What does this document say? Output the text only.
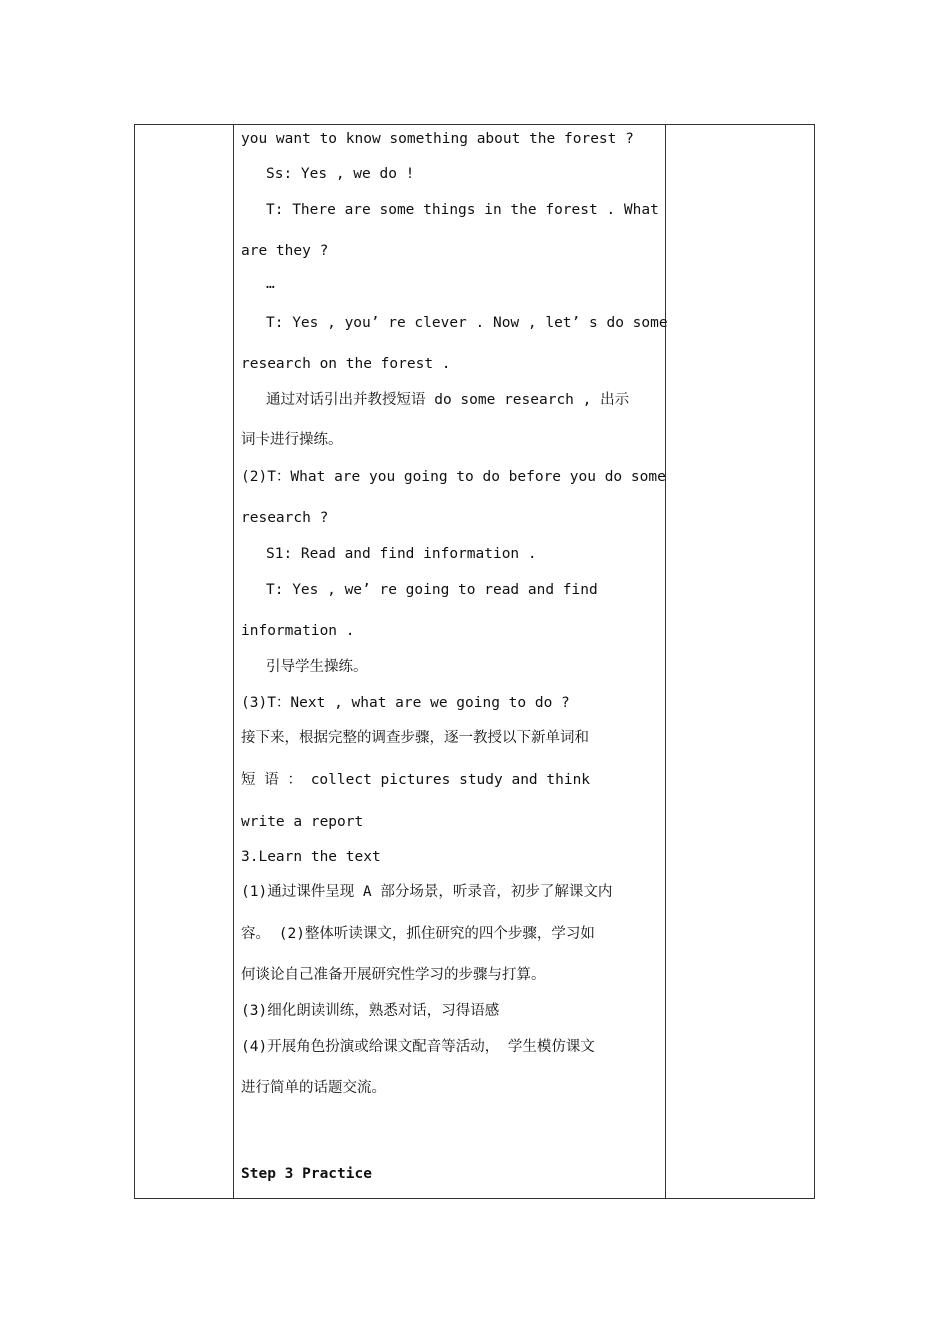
you want to know something about the forest ?
Ss: Yes , we do !
T: There are some things in the forest . What
are they ?
…
T: Yes , you’ re clever . Now , let’ s do some
research on the forest .
通过对话引出并教授短语 do some research , 出示
词卡进行操练。
(2)T：What are you going to do before you do some
research ?
S1: Read and find information .
T: Yes , we’ re going to read and find
information .
引导学生操练。
(3)T：Next , what are we going to do ?
接下来，根据完整的调查步骤，逐一教授以下新单词和
短 语 ： collect pictures study and think
write a report
3.Learn the text
(1)通过课件呈现 A 部分场景，听录音，初步了解课文内
容。 (2)整体听读课文，抓住研究的四个步骤，学习如
何谈论自己准备开展研究性学习的步骤与打算。
(3)细化朗读训练，熟悉对话，习得语感
(4)开展角色扮演或给课文配音等活动， 学生模仿课文
进行简单的话题交流。
Step 3 Practice
